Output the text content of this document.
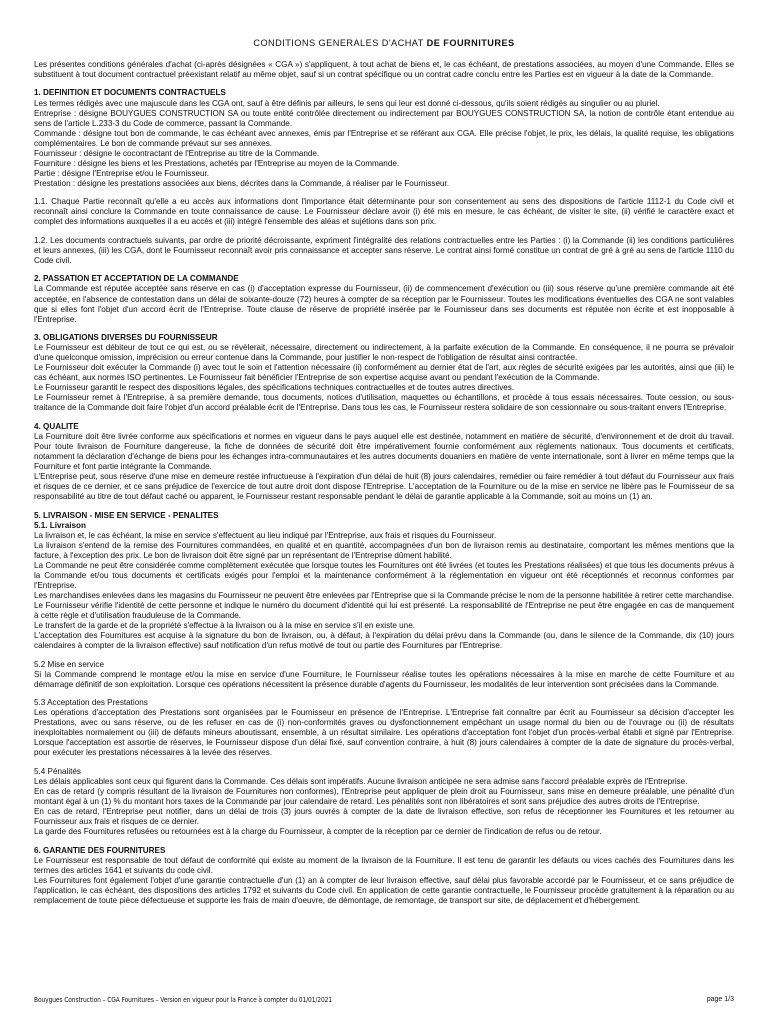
CONDITIONS GENERALES D'ACHAT DE FOURNITURES

Les présentes conditions générales d'achat (ci-après désignées « CGA ») s'appliquent, à tout achat de biens et, le cas échéant, de prestations associées, au moyen d'une Commande. Elles se substituent à tout document contractuel préexistant relatif au même objet, sauf si un contrat spécifique ou un contrat cadre conclu entre les Parties est en vigueur à la date de la Commande.

1. DEFINITION ET DOCUMENTS CONTRACTUELS

Les termes rédigés avec une majuscule dans les CGA ont, sauf à être définis par ailleurs, le sens qui leur est donné ci-dessous, qu'ils soient rédigés au singulier ou au pluriel.

Entreprise : désigne BOUYGUES CONSTRUCTION SA ou toute entité contrôlée directement ou indirectement par BOUYGUES CONSTRUCTION SA, la notion de contrôle étant entendue au sens de l'article L.233-3 du Code de commerce, passant la Commande.

Commande : désigne tout bon de commande, le cas échéant avec annexes, émis par l'Entreprise et se référant aux CGA. Elle précise l'objet, le prix, les délais, la qualité requise, les obligations complémentaires. Le bon de commande prévaut sur ses annexes.

Fournisseur : désigne le cocontractant de l'Entreprise au titre de la Commande.

Fourniture : désigne les biens et les Prestations, achetés par l'Entreprise au moyen de la Commande.

Partie : désigne l'Entreprise et/ou le Fournisseur.

Prestation : désigne les prestations associées aux biens, décrites dans la Commande, à réaliser par le Fournisseur.

1.1. Chaque Partie reconnaît qu'elle a eu accès aux informations dont l'importance était déterminante pour son consentement au sens des dispositions de l'article 1112-1 du Code civil et reconnaît ainsi conclure la Commande en toute connaissance de cause. Le Fournisseur déclare avoir (i) été mis en mesure, le cas échéant, de visiter le site, (ii) vérifié le caractère exact et complet des informations auxquelles il a eu accès et (iii) intégré l'ensemble des aléas et sujétions dans son prix.

1.2. Les documents contractuels suivants, par ordre de priorité décroissante, expriment l'intégralité des relations contractuelles entre les Parties : (i) la Commande (ii) les conditions particulières et leurs annexes, (iii) les CGA, dont le Fournisseur reconnaît avoir pris connaissance et accepter sans réserve. Le contrat ainsi formé constitue un contrat de gré à gré au sens de l'article 1110 du Code civil.

2. PASSATION ET ACCEPTATION DE LA COMMANDE

La Commande est réputée acceptée sans réserve en cas (i) d'acceptation expresse du Fournisseur, (ii) de commencement d'exécution ou (iii) sous réserve qu'une première commande ait été acceptée, en l'absence de contestation dans un délai de soixante-douze (72) heures à compter de sa réception par le Fournisseur. Toutes les modifications éventuelles des CGA ne sont valables que si elles font l'objet d'un accord écrit de l'Entreprise. Toute clause de réserve de propriété insérée par le Fournisseur dans ses documents est réputée non écrite et est inopposable à l'Entreprise.

3. OBLIGATIONS DIVERSES DU FOURNISSEUR

Le Fournisseur est débiteur de tout ce qui est, ou se révèlerait, nécessaire, directement ou indirectement, à la parfaite exécution de la Commande. En conséquence, il ne pourra se prévaloir d'une quelconque omission, imprécision ou erreur contenue dans la Commande, pour justifier le non-respect de l'obligation de résultat ainsi contractée.

Le Fournisseur doit exécuter la Commande (i) avec tout le soin et l'attention nécessaire (ii) conformément au dernier état de l'art, aux règles de sécurité exigées par les autorités, ainsi que (iii) le cas échéant, aux normes ISO pertinentes. Le Fournisseur fait bénéficier l'Entreprise de son expertise acquise avant ou pendant l'exécution de la Commande.

Le Fournisseur garantit le respect des dispositions légales, des spécifications techniques contractuelles et de toutes autres directives.

Le Fournisseur remet à l'Entreprise, à sa première demande, tous documents, notices d'utilisation, maquettes ou échantillons, et procède à tous essais nécessaires. Toute cession, ou sous-traitance de la Commande doit faire l'objet d'un accord préalable écrit de l'Entreprise. Dans tous les cas, le Fournisseur restera solidaire de son cessionnaire ou sous-traitant envers l'Entreprise.

4. QUALITE

La Fourniture doit être livrée conforme aux spécifications et normes en vigueur dans le pays auquel elle est destinée, notamment en matière de sécurité, d'environnement et de droit du travail. Pour toute livraison de Fourniture dangereuse, la fiche de données de sécurité doit être impérativement fournie conformément aux règlements nationaux. Tous documents et certificats, notamment la déclaration d'échange de biens pour les échanges intra-communautaires et les autres documents douaniers en matière de vente internationale, sont à livrer en même temps que la Fourniture et font partie intégrante la Commande.

L'Entreprise peut, sous réserve d'une mise en demeure restée infructueuse à l'expiration d'un délai de huit (8) jours calendaires, remédier ou faire remédier à tout défaut du Fournisseur aux frais et risques de ce dernier, et ce sans préjudice de l'exercice de tout autre droit dont dispose l'Entreprise. L'acceptation de la Fourniture ou de la mise en service ne libère pas le Fournisseur de sa responsabilité au titre de tout défaut caché ou apparent, le Fournisseur restant responsable pendant le délai de garantie applicable à la Commande, soit au moins un (1) an.

5. LIVRAISON - MISE EN SERVICE - PENALITES

5.1. Livraison

La livraison et, le cas échéant, la mise en service s'effectuent au lieu indiqué par l'Entreprise, aux frais et risques du Fournisseur.

La livraison s'entend de la remise des Fournitures commandées, en qualité et en quantité, accompagnées d'un bon de livraison remis au destinataire, comportant les mêmes mentions que la facture, à l'exception des prix. Le bon de livraison doit être signé par un représentant de l'Entreprise dûment habilité.

La Commande ne peut être considérée comme complètement exécutée que lorsque toutes les Fournitures ont été livrées (et toutes les Prestations réalisées) et que tous les documents prévus à la Commande et/ou tous documents et certificats exigés pour l'emploi et la maintenance conformément à la réglementation en vigueur ont été réceptionnés et reconnus conformes par l'Entreprise.

Les marchandises enlevées dans les magasins du Fournisseur ne peuvent être enlevées par l'Entreprise que si la Commande précise le nom de la personne habilitée à retirer cette marchandise. Le Fournisseur vérifie l'identité de cette personne et indique le numéro du document d'identité qui lui est présenté. La responsabilité de l'Entreprise ne peut être engagée en cas de manquement à cette règle et d'utilisation frauduleuse de la Commande.

Le transfert de la garde et de la propriété s'effectue à la livraison ou à la mise en service s'il en existe une.

L'acceptation des Fournitures est acquise à la signature du bon de livraison, ou, à défaut, à l'expiration du délai prévu dans la Commande (ou, dans le silence de la Commande, dix (10) jours calendaires à compter de la livraison effective) sauf notification d'un refus motivé de tout ou partie des Fournitures par l'Entreprise.

5.2 Mise en service

Si la Commande comprend le montage et/ou la mise en service d'une Fourniture, le Fournisseur réalise toutes les opérations nécessaires à la mise en marche de cette Fourniture et au démarrage définitif de son exploitation. Lorsque ces opérations nécessitent la présence durable d'agents du Fournisseur, les modalités de leur intervention sont précisées dans la Commande.

5.3 Acceptation des Prestations

Les opérations d'acceptation des Prestations sont organisées par le Fournisseur en présence de l'Entreprise. L'Entreprise fait connaître par écrit au Fournisseur sa décision d'accepter les Prestations, avec ou sans réserve, ou de les refuser en cas de (i) non-conformités graves ou dysfonctionnement empêchant un usage normal du bien ou de l'ouvrage ou (ii) de résultats inexploitables normalement ou (iii) de défauts mineurs aboutissant, ensemble, à un résultat similaire. Les opérations d'acceptation font l'objet d'un procès-verbal établi et signé par l'Entreprise. Lorsque l'acceptation est assortie de réserves, le Fournisseur dispose d'un délai fixé, sauf convention contraire, à huit (8) jours calendaires à compter de la date de signature du procès-verbal, pour exécuter les prestations nécessaires à la levée des réserves.

5.4 Pénalités

Les délais applicables sont ceux qui figurent dans la Commande. Ces délais sont impératifs. Aucune livraison anticipée ne sera admise sans l'accord préalable exprès de l'Entreprise.

En cas de retard (y compris résultant de la livraison de Fournitures non conformes), l'Entreprise peut appliquer de plein droit au Fournisseur, sans mise en demeure préalable, une pénalité d'un montant égal à un (1) % du montant hors taxes de la Commande par jour calendaire de retard. Les pénalités sont non libératoires et sont sans préjudice des autres droits de l'Entreprise.

En cas de retard, l'Entreprise peut notifier, dans un délai de trois (3) jours ouvrés à compter de la date de livraison effective, son refus de réceptionner les Fournitures et les retourner au Fournisseur aux frais et risques de ce dernier.

La garde des Fournitures refusées ou retournées est à la charge du Fournisseur, à compter de la réception par ce dernier de l'indication de refus ou de retour.

6. GARANTIE DES FOURNITURES

Le Fournisseur est responsable de tout défaut de conformité qui existe au moment de la livraison de la Fourniture. Il est tenu de garantir les défauts ou vices cachés des Fournitures dans les termes des articles 1641 et suivants du code civil.

Les Fournitures font également l'objet d'une garantie contractuelle d'un (1) an à compter de leur livraison effective, sauf délai plus favorable accordé par le Fournisseur, et ce sans préjudice de l'application, le cas échéant, des dispositions des articles 1792 et suivants du Code civil. En application de cette garantie contractuelle, le Fournisseur procède gratuitement à la réparation ou au remplacement de toute pièce défectueuse et supporte les frais de main d'oeuvre, de démontage, de remontage, de transport sur site, de déplacement et d'hébergement.

Bouygues Construction – CGA Fournitures – Version en vigueur pour la France à compter du 01/01/2021	page 1/3
